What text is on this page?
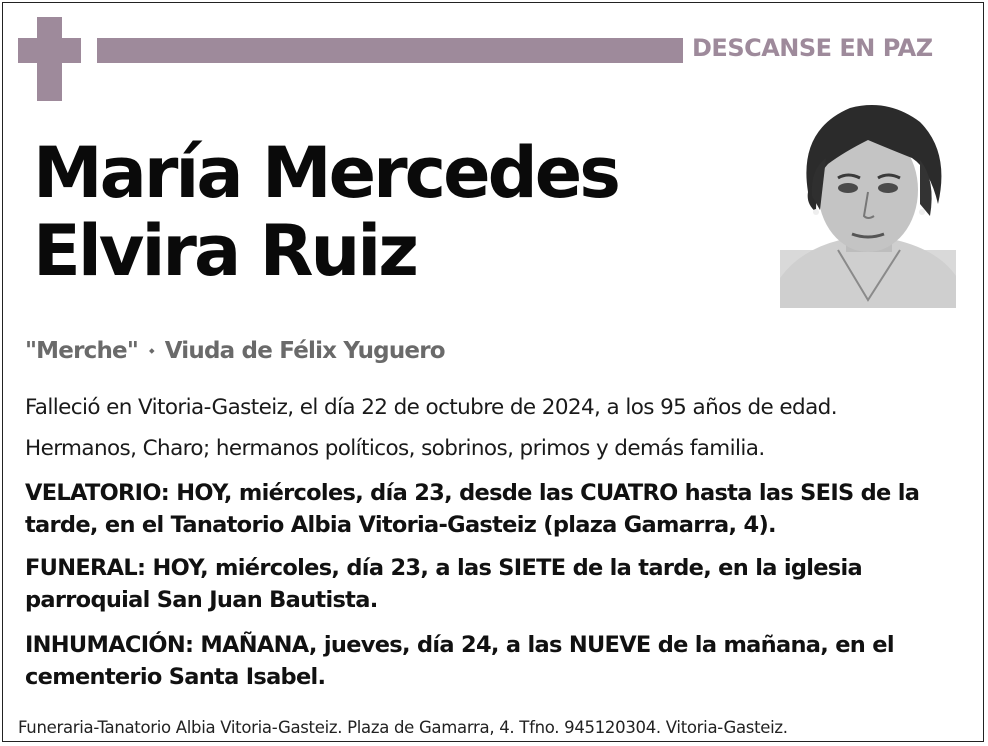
DESCANSE EN PAZ
María Mercedes
Elvira Ruiz
"Merche" ⬩ Viuda de Félix Yuguero
Falleció en Vitoria-Gasteiz, el día 22 de octubre de 2024, a los 95 años de edad.
Hermanos, Charo; hermanos políticos, sobrinos, primos y demás familia.
VELATORIO: HOY, miércoles, día 23, desde las CUATRO hasta las SEIS de la
tarde, en el Tanatorio Albia Vitoria-Gasteiz (plaza Gamarra, 4).
FUNERAL: HOY, miércoles, día 23, a las SIETE de la tarde, en la iglesia
parroquial San Juan Bautista.
INHUMACIÓN: MAÑANA, jueves, día 24, a las NUEVE de la mañana, en el
cementerio Santa Isabel.
Funeraria-Tanatorio Albia Vitoria-Gasteiz. Plaza de Gamarra, 4. Tfno. 945120304. Vitoria-Gasteiz.
